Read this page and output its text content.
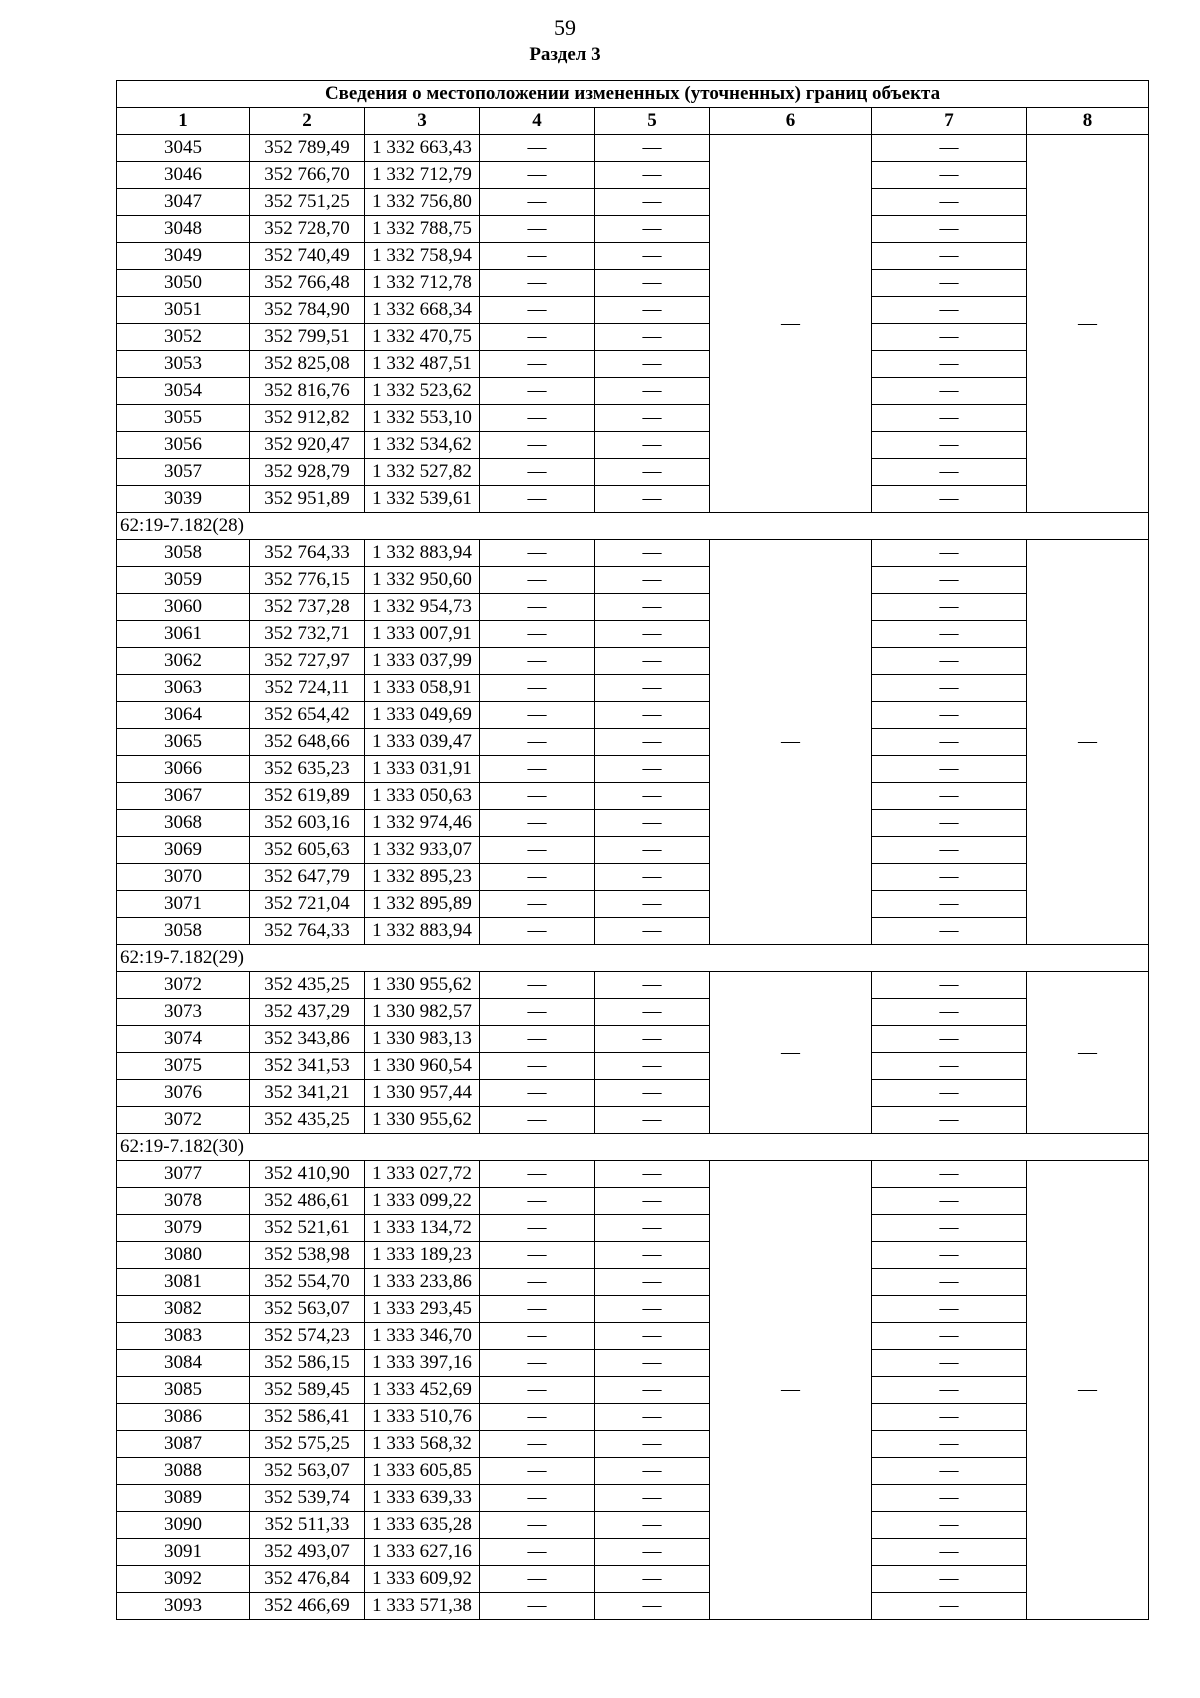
59
Раздел 3
Сведения о местоположении измененных (уточненных) границ объекта							
1	2	3	4	5	6	7	8
3045	352 789,49	1 332 663,43	—	—	—	—	—
3046	352 766,70	1 332 712,79	—	—		—	
3047	352 751,25	1 332 756,80	—	—		—	
3048	352 728,70	1 332 788,75	—	—		—	
3049	352 740,49	1 332 758,94	—	—		—	
3050	352 766,48	1 332 712,78	—	—		—	
3051	352 784,90	1 332 668,34	—	—		—	
3052	352 799,51	1 332 470,75	—	—		—	
3053	352 825,08	1 332 487,51	—	—		—	
3054	352 816,76	1 332 523,62	—	—		—	
3055	352 912,82	1 332 553,10	—	—		—	
3056	352 920,47	1 332 534,62	—	—		—	
3057	352 928,79	1 332 527,82	—	—		—	
3039	352 951,89	1 332 539,61	—	—		—	
62:19-7.182(28)							
3058	352 764,33	1 332 883,94	—	—	—	—	—
3059	352 776,15	1 332 950,60	—	—		—	
3060	352 737,28	1 332 954,73	—	—		—	
3061	352 732,71	1 333 007,91	—	—		—	
3062	352 727,97	1 333 037,99	—	—		—	
3063	352 724,11	1 333 058,91	—	—		—	
3064	352 654,42	1 333 049,69	—	—		—	
3065	352 648,66	1 333 039,47	—	—		—	
3066	352 635,23	1 333 031,91	—	—		—	
3067	352 619,89	1 333 050,63	—	—		—	
3068	352 603,16	1 332 974,46	—	—		—	
3069	352 605,63	1 332 933,07	—	—		—	
3070	352 647,79	1 332 895,23	—	—		—	
3071	352 721,04	1 332 895,89	—	—		—	
3058	352 764,33	1 332 883,94	—	—		—	
62:19-7.182(29)							
3072	352 435,25	1 330 955,62	—	—	—	—	—
3073	352 437,29	1 330 982,57	—	—		—	
3074	352 343,86	1 330 983,13	—	—		—	
3075	352 341,53	1 330 960,54	—	—		—	
3076	352 341,21	1 330 957,44	—	—		—	
3072	352 435,25	1 330 955,62	—	—		—	
62:19-7.182(30)							
3077	352 410,90	1 333 027,72	—	—	—	—	—
3078	352 486,61	1 333 099,22	—	—		—	
3079	352 521,61	1 333 134,72	—	—		—	
3080	352 538,98	1 333 189,23	—	—		—	
3081	352 554,70	1 333 233,86	—	—		—	
3082	352 563,07	1 333 293,45	—	—		—	
3083	352 574,23	1 333 346,70	—	—		—	
3084	352 586,15	1 333 397,16	—	—		—	
3085	352 589,45	1 333 452,69	—	—		—	
3086	352 586,41	1 333 510,76	—	—		—	
3087	352 575,25	1 333 568,32	—	—		—	
3088	352 563,07	1 333 605,85	—	—		—	
3089	352 539,74	1 333 639,33	—	—		—	
3090	352 511,33	1 333 635,28	—	—		—	
3091	352 493,07	1 333 627,16	—	—		—	
3092	352 476,84	1 333 609,92	—	—		—	
3093	352 466,69	1 333 571,38	—	—		—	
